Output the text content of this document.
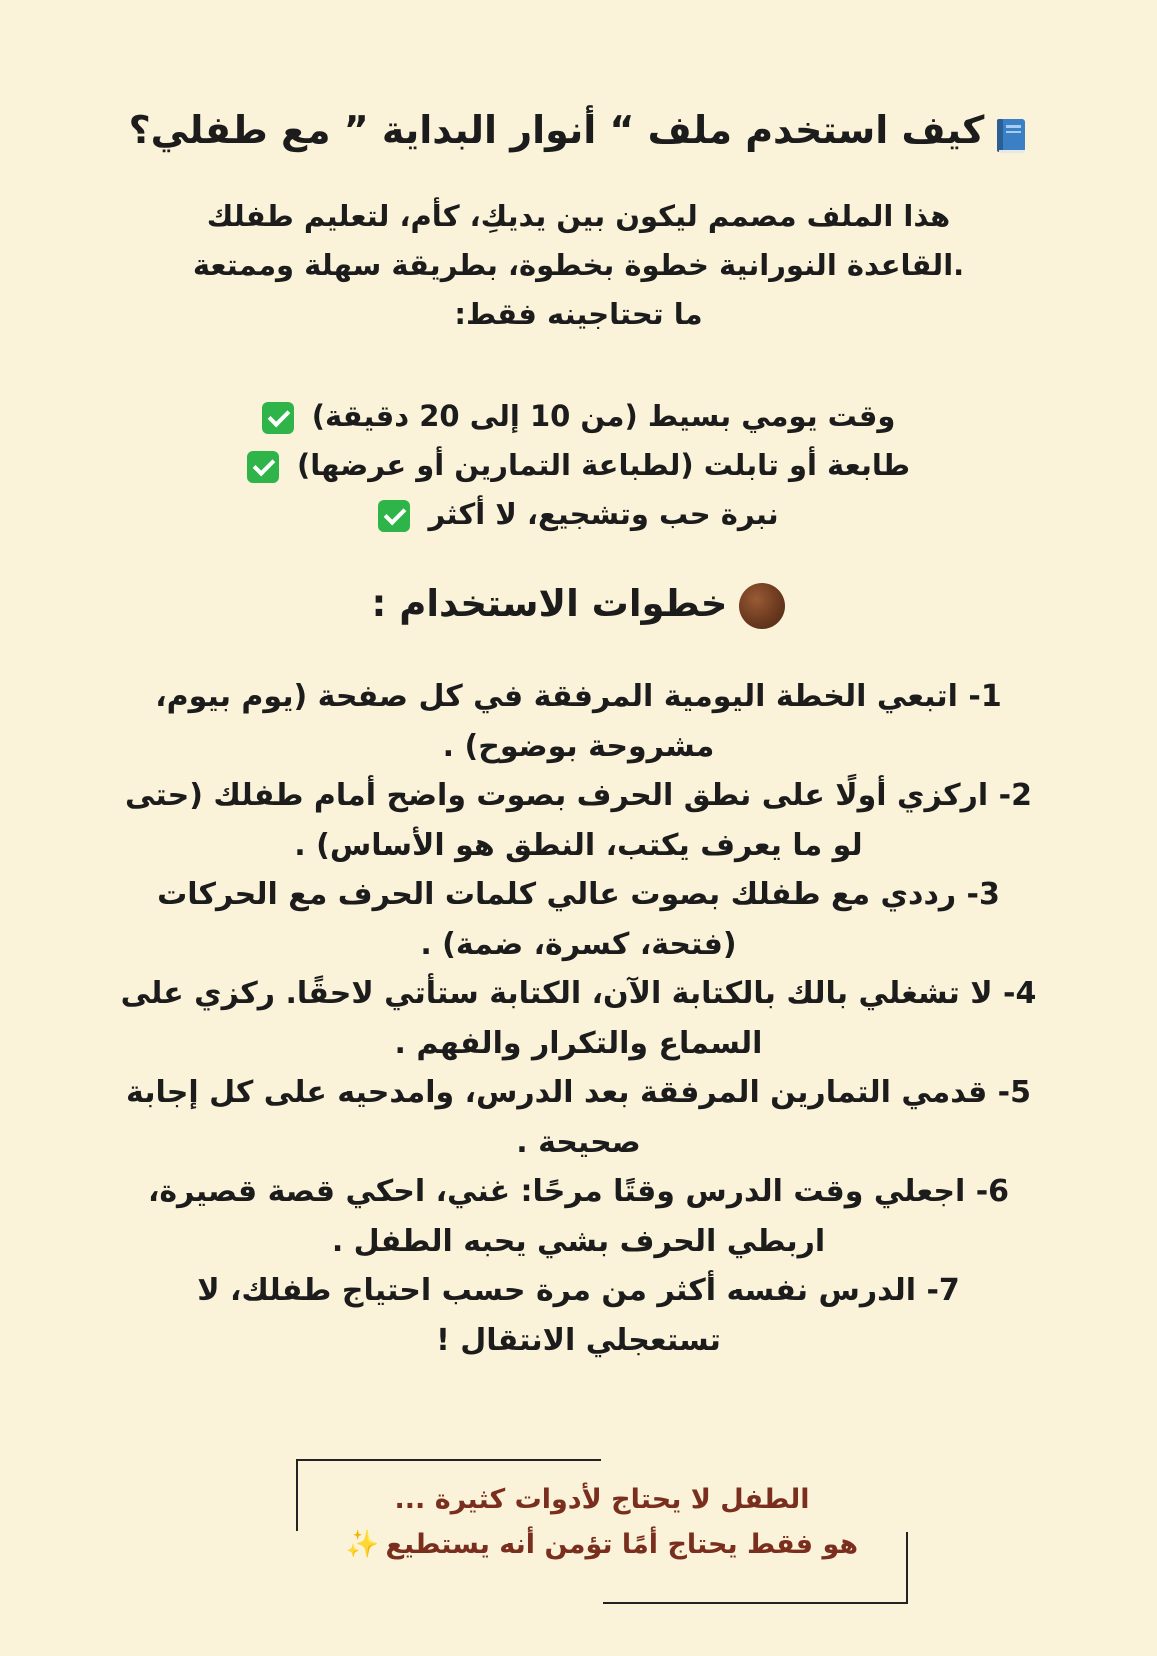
كيف استخدم ملف “ أنوار البداية ” مع طفلي؟
هذا الملف مصمم ليكون بين يديكِ، كأم، لتعليم طفلك
.القاعدة النورانية خطوة بخطوة، بطريقة سهلة وممتعة
ما تحتاجينه فقط:
وقت يومي بسيط (من 10 إلى 20 دقيقة)
طابعة أو تابلت (لطباعة التمارين أو عرضها)
نبرة حب وتشجيع، لا أكثر
خطوات الاستخدام :
1- اتبعي الخطة اليومية المرفقة في كل صفحة (يوم بيوم،
مشروحة بوضوح) .
2- اركزي أولًا على نطق الحرف بصوت واضح أمام طفلك (حتى
لو ما يعرف يكتب، النطق هو الأساس) .
3- رددي مع طفلك بصوت عالي كلمات الحرف مع الحركات
(فتحة، كسرة، ضمة) .
4- لا تشغلي بالك بالكتابة الآن، الكتابة ستأتي لاحقًا. ركزي على
السماع والتكرار والفهم .
5- قدمي التمارين المرفقة بعد الدرس، وامدحيه على كل إجابة
صحيحة .
6- اجعلي وقت الدرس وقتًا مرحًا: غني، احكي قصة قصيرة،
اربطي الحرف بشي يحبه الطفل .
7- الدرس نفسه أكثر من مرة حسب احتياج طفلك، لا
تستعجلي الانتقال !
الطفل لا يحتاج لأدوات كثيرة ...
هو فقط يحتاج أمًا تؤمن أنه يستطيع✨
